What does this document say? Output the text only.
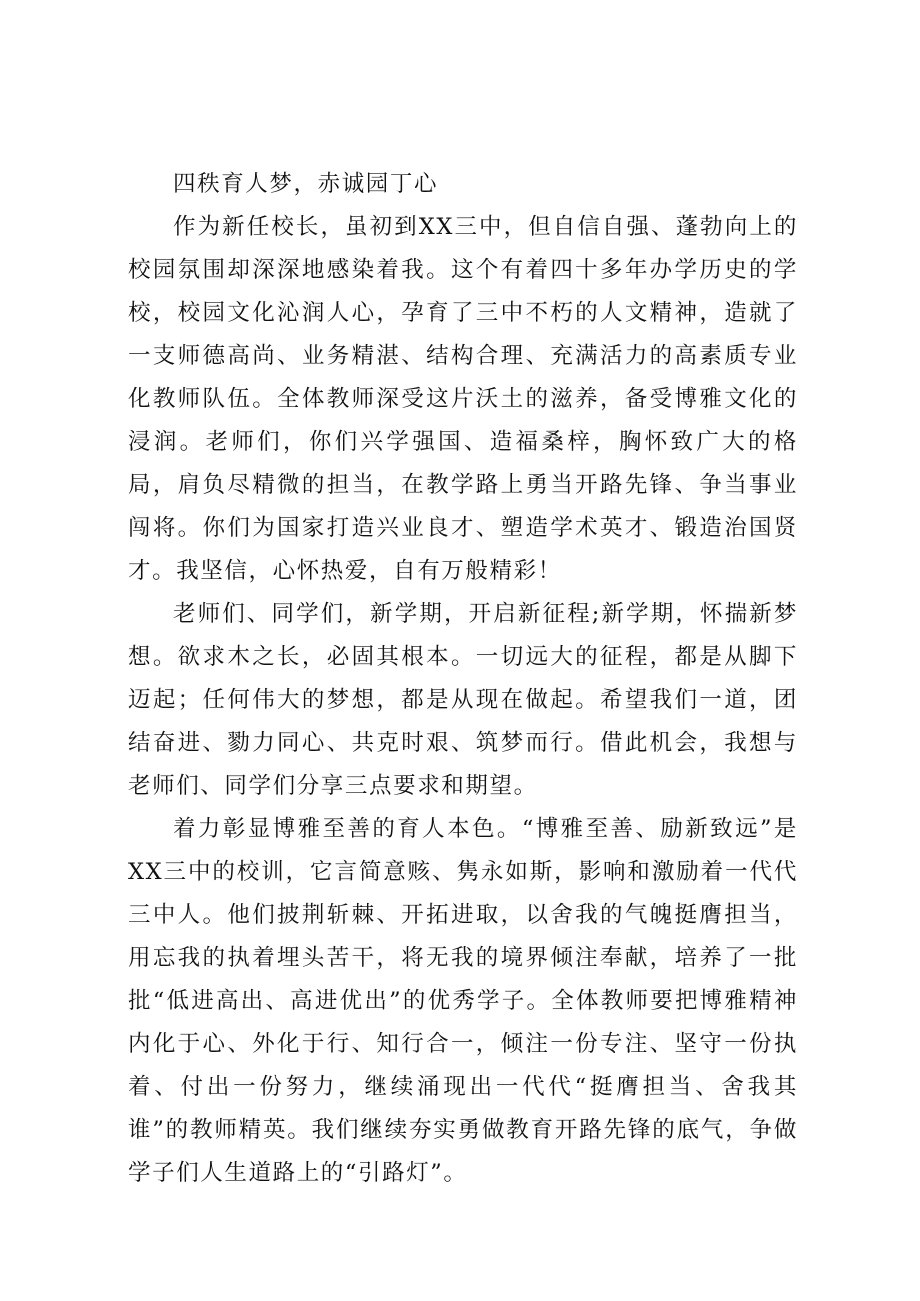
四秩育人梦，赤诚园丁心

作为新任校长，虽初到XX三中，但自信自强、蓬勃向上的校园氛围却深深地感染着我。这个有着四十多年办学历史的学校，校园文化沁润人心，孕育了三中不朽的人文精神，造就了一支师德高尚、业务精湛、结构合理、充满活力的高素质专业化教师队伍。全体教师深受这片沃土的滋养，备受博雅文化的浸润。老师们，你们兴学强国、造福桑梓，胸怀致广大的格局，肩负尽精微的担当，在教学路上勇当开路先锋、争当事业闯将。你们为国家打造兴业良才、塑造学术英才、锻造治国贤才。我坚信，心怀热爱，自有万般精彩！

老师们、同学们，新学期，开启新征程;新学期，怀揣新梦想。欲求木之长，必固其根本。一切远大的征程，都是从脚下迈起；任何伟大的梦想，都是从现在做起。希望我们一道，团结奋进、勠力同心、共克时艰、筑梦而行。借此机会，我想与老师们、同学们分享三点要求和期望。

着力彰显博雅至善的育人本色。“博雅至善、励新致远”是XX三中的校训，它言简意赅、隽永如斯，影响和激励着一代代三中人。他们披荆斩棘、开拓进取，以舍我的气魄挺膺担当，用忘我的执着埋头苦干，将无我的境界倾注奉献，培养了一批批“低进高出、高进优出”的优秀学子。全体教师要把博雅精神内化于心、外化于行、知行合一，倾注一份专注、坚守一份执着、付出一份努力，继续涌现出一代代“挺膺担当、舍我其谁”的教师精英。我们继续夯实勇做教育开路先锋的底气，争做学子们人生道路上的“引路灯”。
